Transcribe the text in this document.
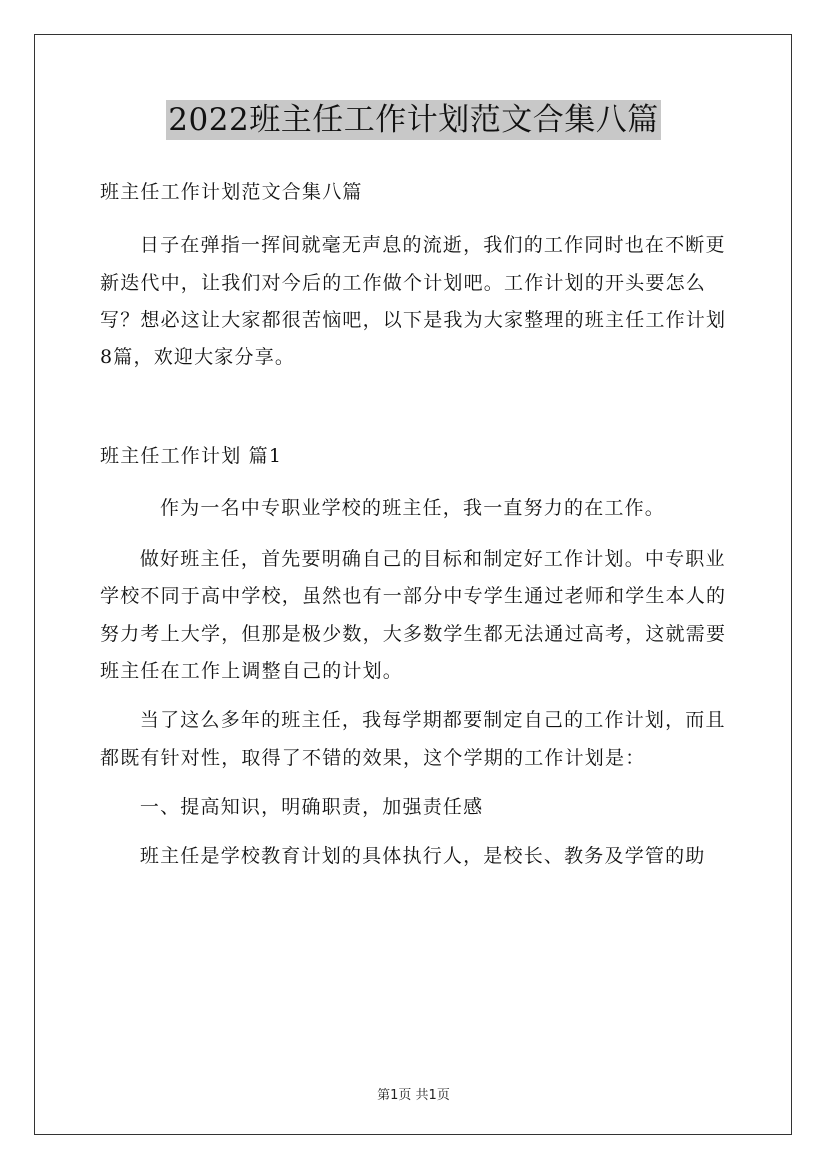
2022班主任工作计划范文合集八篇

班主任工作计划范文合集八篇

日子在弹指一挥间就毫无声息的流逝，我们的工作同时也在不断更新迭代中，让我们对今后的工作做个计划吧。工作计划的开头要怎么写？想必这让大家都很苦恼吧，以下是我为大家整理的班主任工作计划8篇，欢迎大家分享。

班主任工作计划 篇1

作为一名中专职业学校的班主任，我一直努力的在工作。

做好班主任，首先要明确自己的目标和制定好工作计划。中专职业学校不同于高中学校，虽然也有一部分中专学生通过老师和学生本人的努力考上大学，但那是极少数，大多数学生都无法通过高考，这就需要班主任在工作上调整自己的计划。

当了这么多年的班主任，我每学期都要制定自己的工作计划，而且都既有针对性，取得了不错的效果，这个学期的工作计划是：

一、提高知识，明确职责，加强责任感

班主任是学校教育计划的具体执行人，是校长、教务及学管的助

第1页 共1页
